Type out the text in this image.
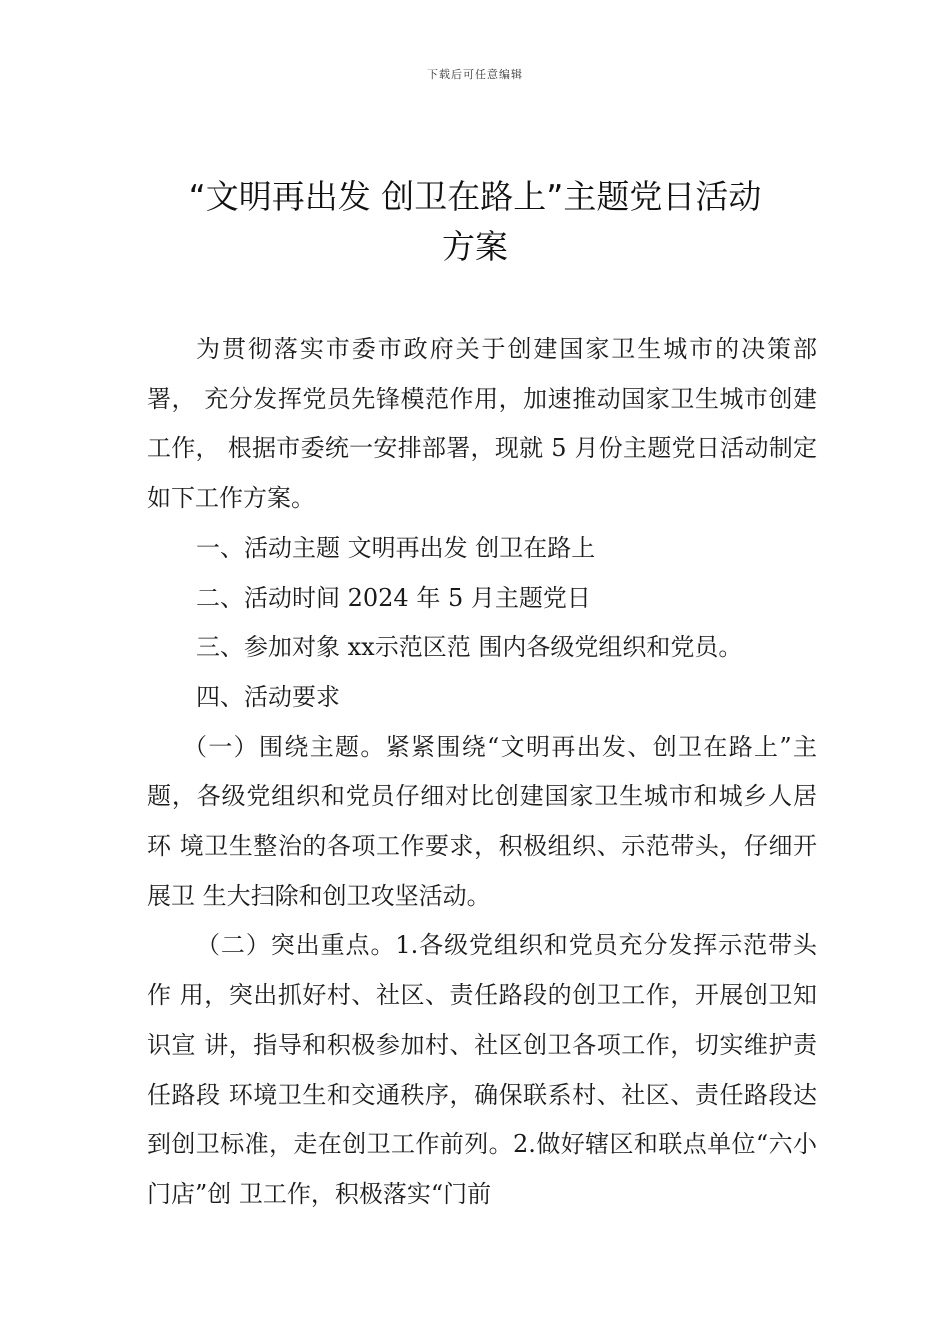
下载后可任意编辑
“文明再出发 创卫在路上”主题党日活动
方案

为贯彻落实市委市政府关于创建国家卫生城市的决策部署， 充分发挥党员先锋模范作用，加速推动国家卫生城市创建工作， 根据市委统一安排部署，现就 5 月份主题党日活动制定如下工作方案。

一、活动主题 文明再出发 创卫在路上

二、活动时间 2024 年 5 月主题党日

三、参加对象 xx示范区范 围内各级党组织和党员。

四、活动要求

（一）围绕主题。紧紧围绕“文明再出发、创卫在路上”主 题，各级党组织和党员仔细对比创建国家卫生城市和城乡人居环 境卫生整治的各项工作要求，积极组织、示范带头，仔细开展卫 生大扫除和创卫攻坚活动。

（二）突出重点。1.各级党组织和党员充分发挥示范带头作 用，突出抓好村、社区、责任路段的创卫工作，开展创卫知识宣 讲，指导和积极参加村、社区创卫各项工作，切实维护责任路段 环境卫生和交通秩序，确保联系村、社区、责任路段达到创卫标准，走在创卫工作前列。2.做好辖区和联点单位“六小门店”创 卫工作，积极落实“门前
